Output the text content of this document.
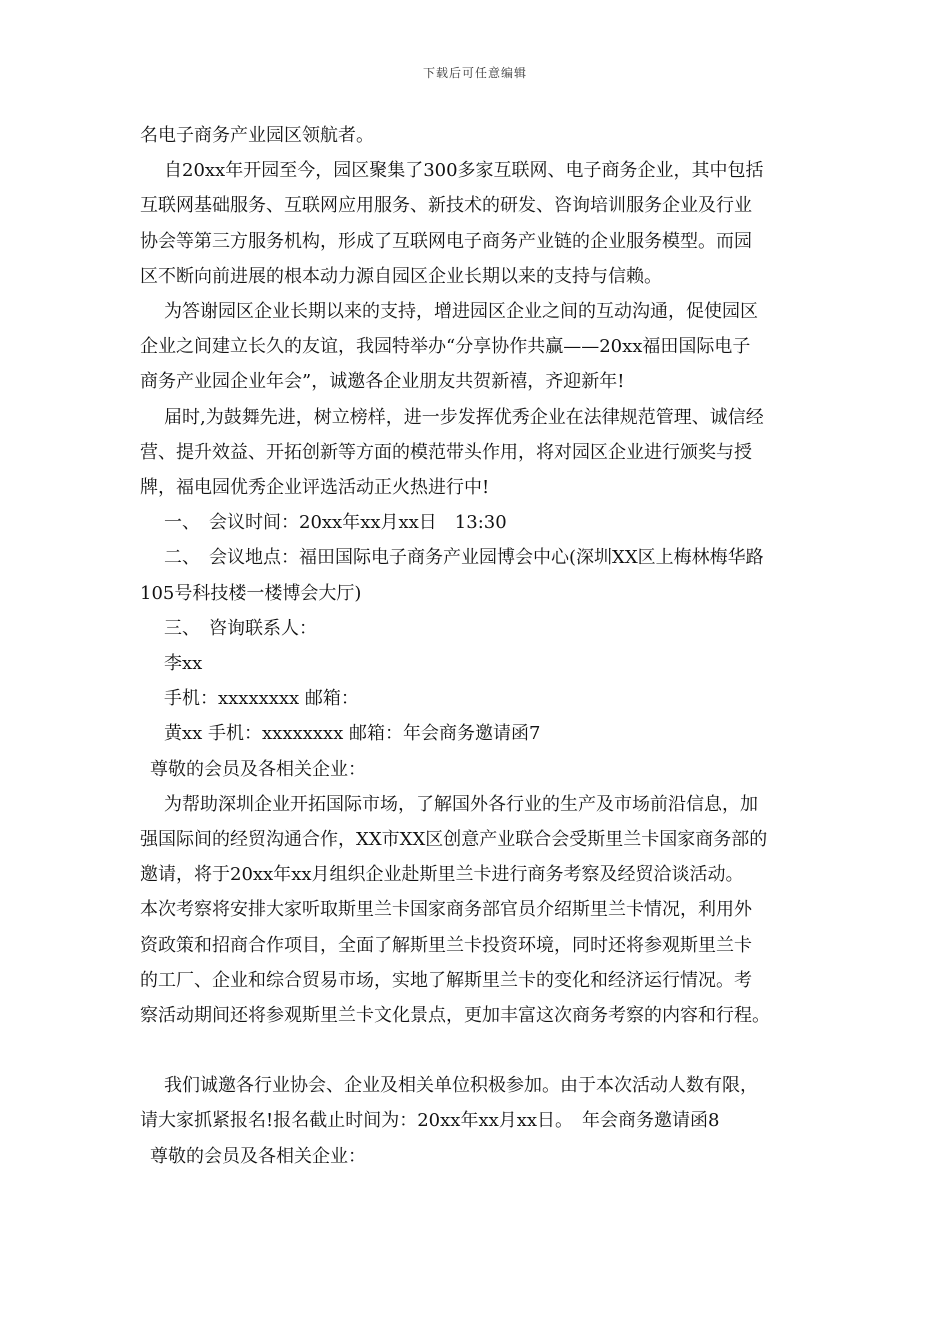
下载后可任意编辑

名电子商务产业园区领航者。

自20xx年开园至今，园区聚集了300多家互联网、电子商务企业，其中包括

互联网基础服务、互联网应用服务、新技术的研发、咨询培训服务企业及行业

协会等第三方服务机构，形成了互联网电子商务产业链的企业服务模型。而园

区不断向前进展的根本动力源自园区企业长期以来的支持与信赖。

为答谢园区企业长期以来的支持，增进园区企业之间的互动沟通，促使园区

企业之间建立长久的友谊，我园特举办“分享协作共赢——20xx福田国际电子

商务产业园企业年会”，诚邀各企业朋友共贺新禧，齐迎新年!

届时,为鼓舞先进，树立榜样，进一步发挥优秀企业在法律规范管理、诚信经

营、提升效益、开拓创新等方面的模范带头作用，将对园区企业进行颁奖与授

牌，福电园优秀企业评选活动正火热进行中!

一、　会议时间：20xx年xx月xx日　13:30

二、　会议地点：福田国际电子商务产业园博会中心(深圳XX区上梅林梅华路

105号科技楼一楼博会大厅)

三、　咨询联系人：

李xx

手机：xxxxxxxx 邮箱：

黄xx 手机：xxxxxxxx 邮箱：年会商务邀请函7

尊敬的会员及各相关企业：

为帮助深圳企业开拓国际市场，了解国外各行业的生产及市场前沿信息，加

强国际间的经贸沟通合作，XX市XX区创意产业联合会受斯里兰卡国家商务部的

邀请，将于20xx年xx月组织企业赴斯里兰卡进行商务考察及经贸洽谈活动。

本次考察将安排大家听取斯里兰卡国家商务部官员介绍斯里兰卡情况，利用外

资政策和招商合作项目，全面了解斯里兰卡投资环境，同时还将参观斯里兰卡

的工厂、企业和综合贸易市场，实地了解斯里兰卡的变化和经济运行情况。考

察活动期间还将参观斯里兰卡文化景点，更加丰富这次商务考察的内容和行程。

我们诚邀各行业协会、企业及相关单位积极参加。由于本次活动人数有限，

请大家抓紧报名!报名截止时间为：20xx年xx月xx日。　年会商务邀请函8

尊敬的会员及各相关企业：
